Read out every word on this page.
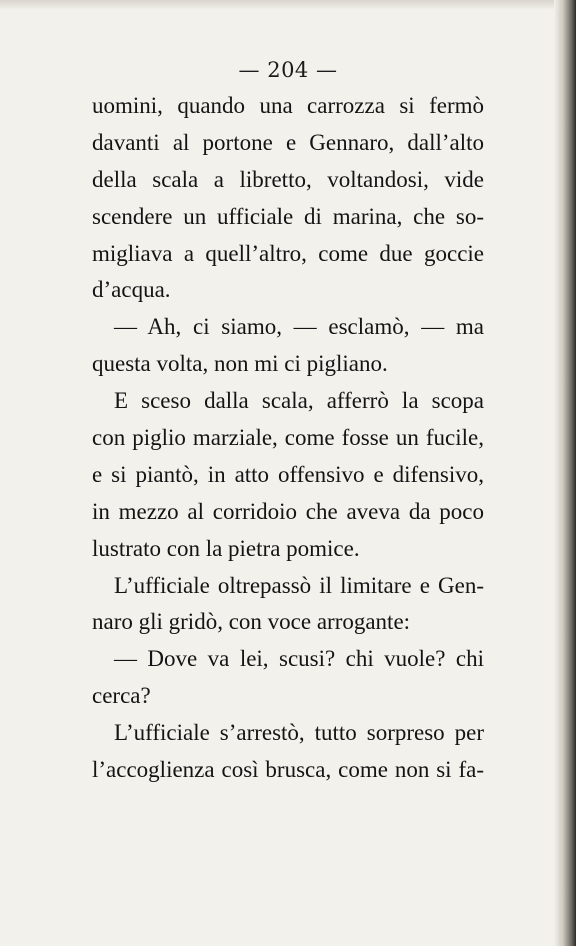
— 204 —
uomini, quando una carrozza si fermò
davanti al portone e Gennaro, dall’alto
della scala a libretto, voltandosi, vide
scendere un ufficiale di marina, che so-
migliava a quell’altro, come due goccie
d’acqua.
— Ah, ci siamo, — esclamò, — ma
questa volta, non mi ci pigliano.
E sceso dalla scala, afferrò la scopa
con piglio marziale, come fosse un fucile,
e si piantò, in atto offensivo e difensivo,
in mezzo al corridoio che aveva da poco
lustrato con la pietra pomice.
L’ufficiale oltrepassò il limitare e Gen-
naro gli gridò, con voce arrogante:
— Dove va lei, scusi? chi vuole? chi
cerca?
L’ufficiale s’arrestò, tutto sorpreso per
l’accoglienza così brusca, come non si fa-
